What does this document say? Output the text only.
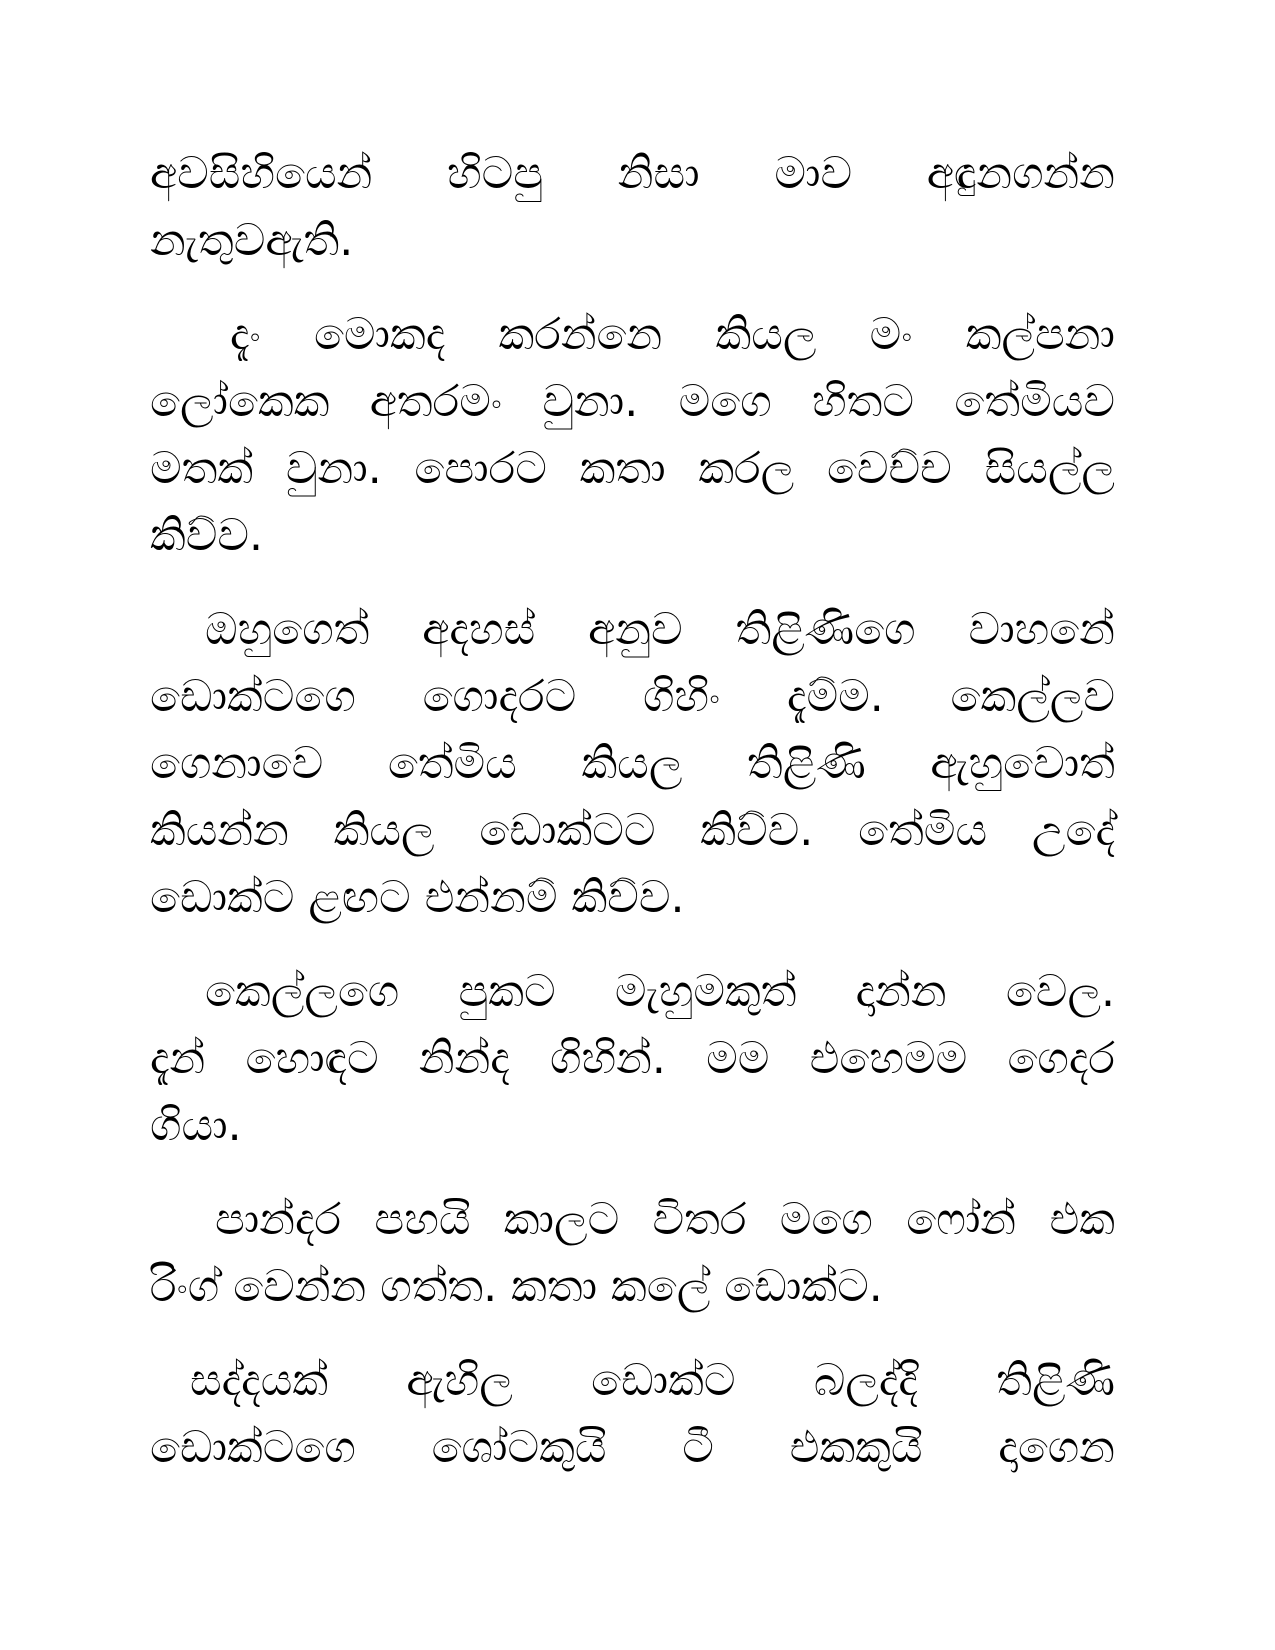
අවසිහියෙන් හිටපු නිසා මාව අඳුනගන්න
නැතුවඇති.
දැං මොකද කරන්නෙ කියල මං කල්පනා
ලෝකෙක අතරමං වුනා. මගෙ හිතට තේමියව
මතක් වුනා. පොරට කතා කරල වෙච්ච සියල්ල
කිව්ව.
ඔහුගෙත් අදහස් අනුව තිළිණිගෙ වාහනේ
ඩොක්ටගෙ ගොදරට ගිහිං දැම්ම. කෙල්ලව
ගෙනාවෙ තේමිය කියල තිළිණි ඇහුවොත්
කියන්න කියල ඩොක්ටට කිව්ව. තේමිය උදේ
ඩොක්ට ළඟට එන්නම් කිව්ව.
කෙල්ලගෙ පුකට මැහුමකුත් දාන්න වෙල.
දැන් හොඳට නින්ද ගිහින්. මම එහෙමම ගෙදර
ගියා.
පාන්දර පහයි කාලට විතර මගෙ ෆෝන් එක
රිංග් වෙන්න ගත්ත. කතා කලේ ඩොක්ට.
සද්දයක් ඇහිල ඩොක්ට බලද්දි තිළිණි
ඩොක්ටගෙ ශෝටකුයි ටී එකකුයි දාගෙන
